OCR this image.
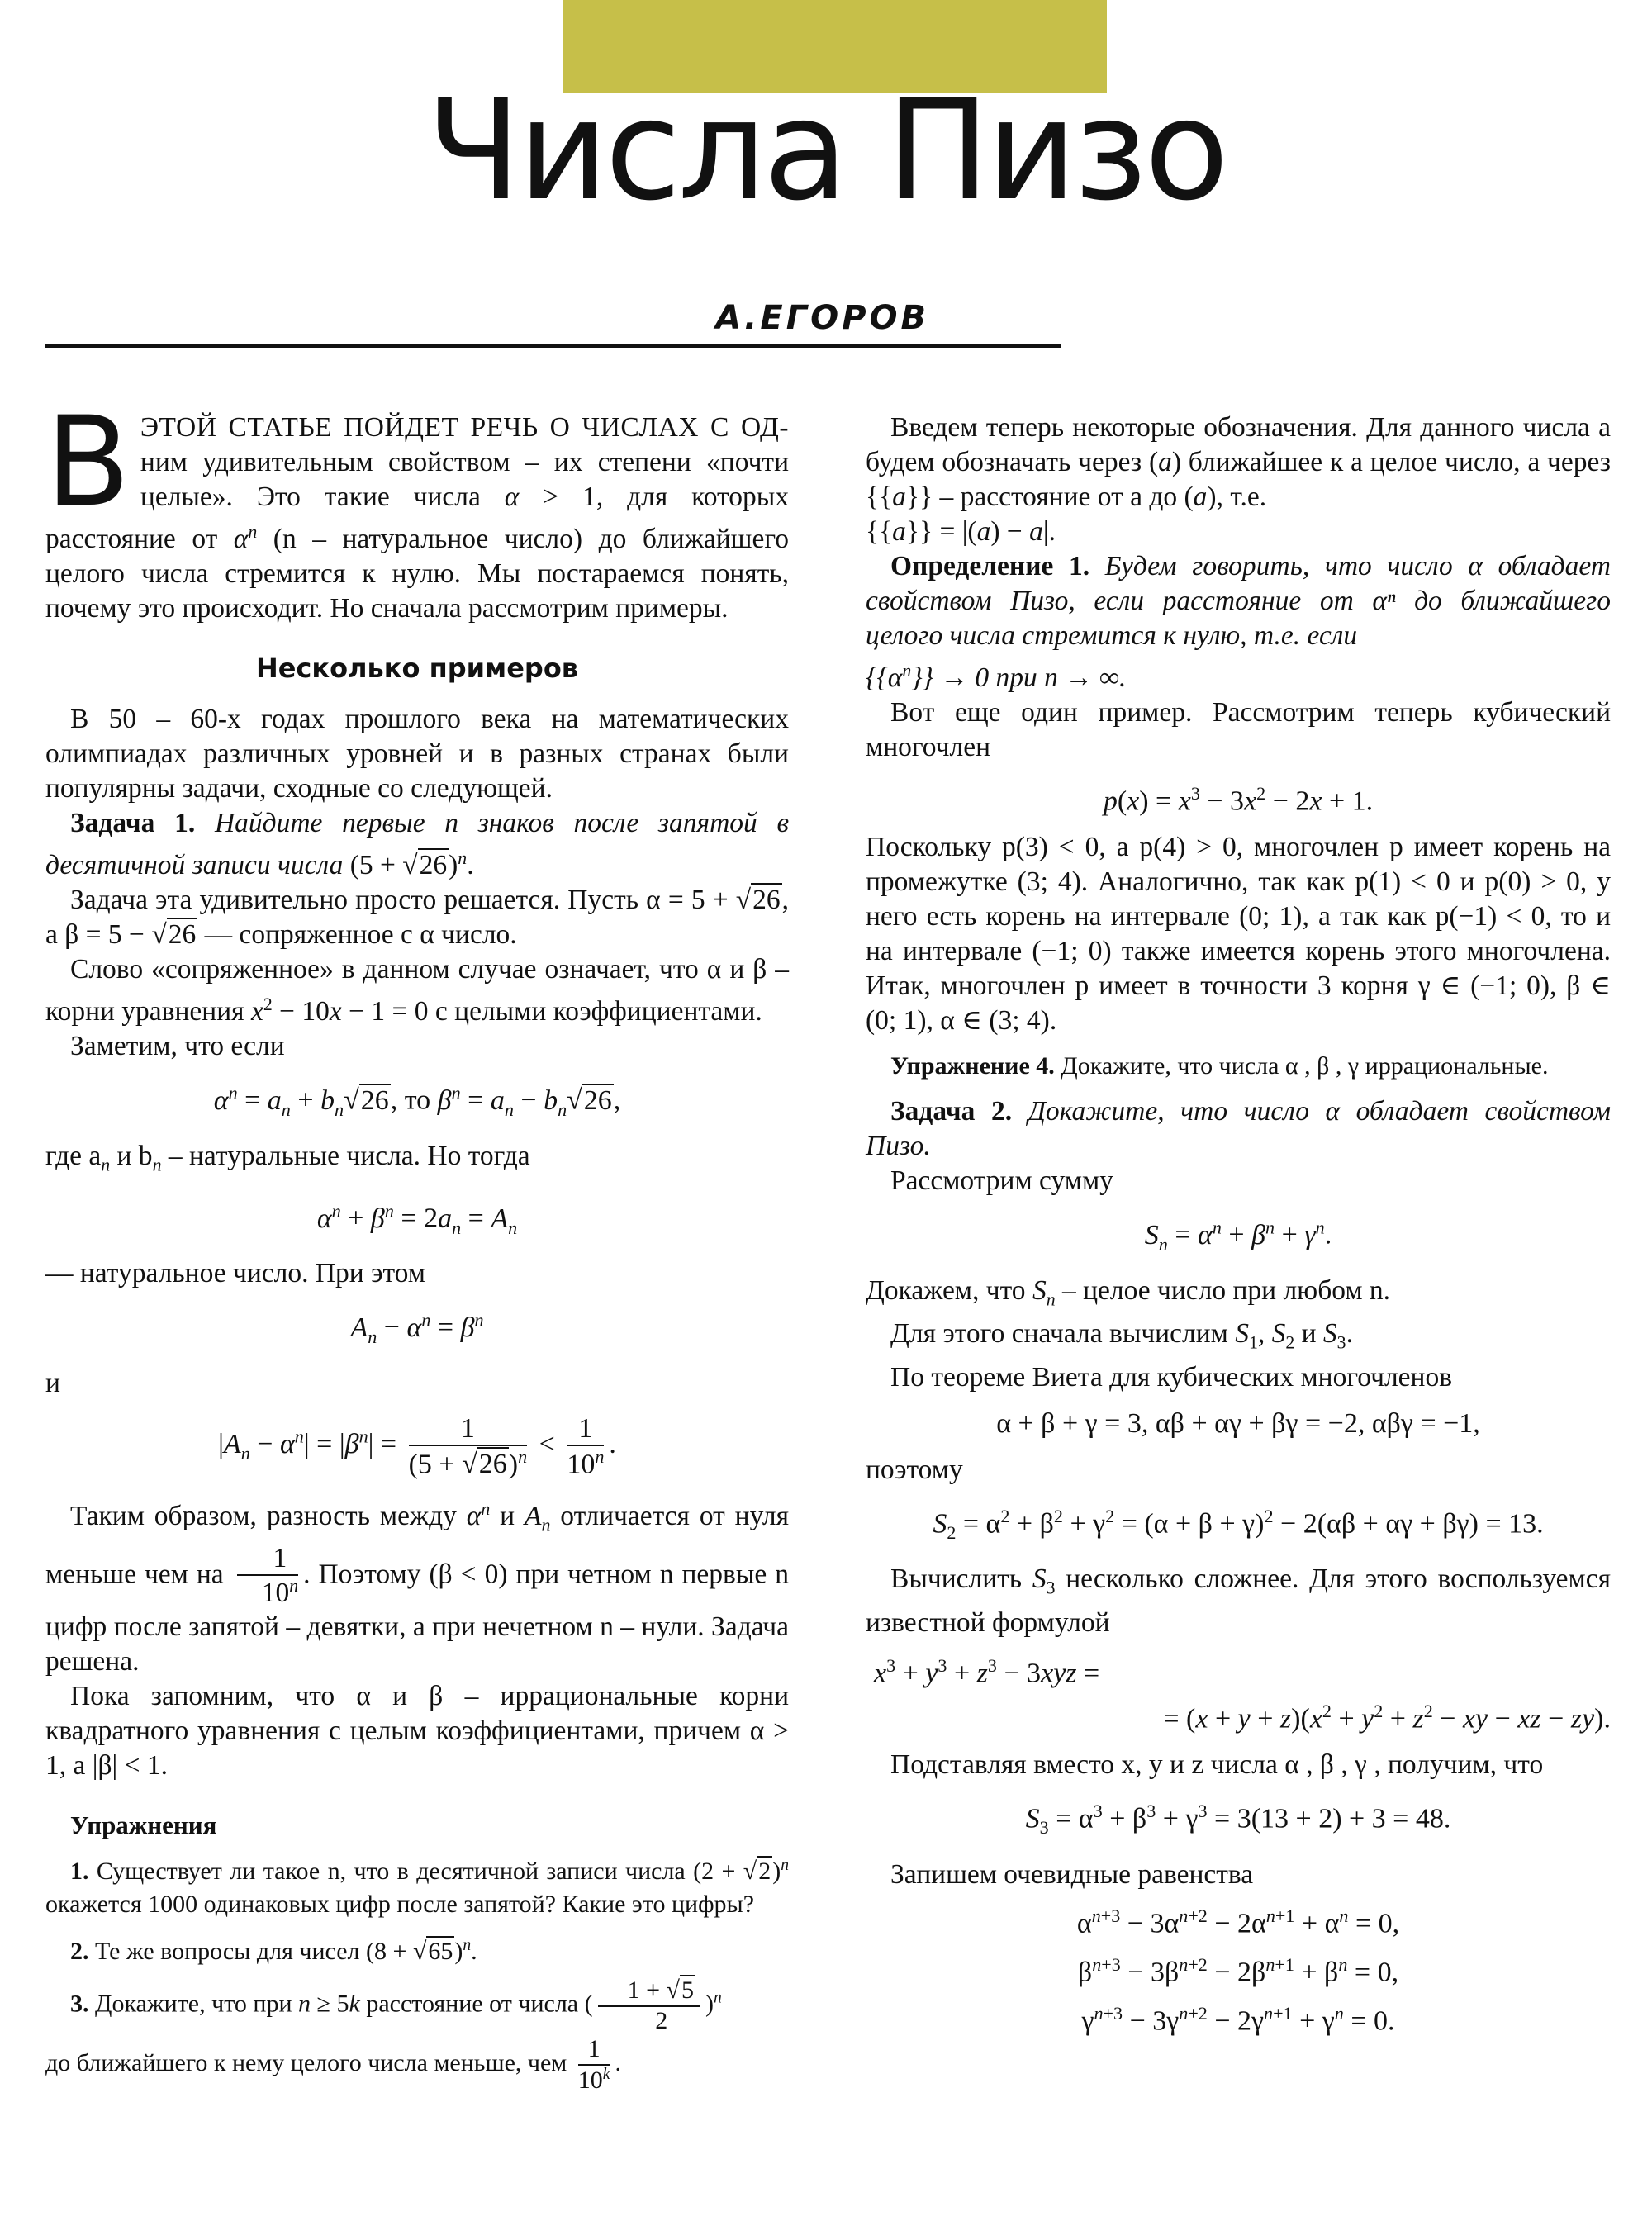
Числа Пизо
А.ЕГОРОВ

В ЭТОЙ СТАТЬЕ ПОЙДЕТ РЕЧЬ О ЧИСЛАХ С ОД- ним удивительным свойством – их степени «почти целые». Это такие числа α > 1, для которых расстояние от $\alpha^n$ (n – натуральное число) до ближайшего целого числа стремится к нулю. Мы постараемся понять, почему это происходит. Но сначала рассмотрим примеры.

Несколько примеров

В 50 – 60-х годах прошлого века на математических олимпиадах различных уровней и в разных странах были популярны задачи, сходные со следующей.

Задача 1. Найдите первые n знаков после запятой в десятичной записи числа $(5 + √26)^n$.

Задача эта удивительно просто решается. Пусть α = 5 + √26, а β = 5 − √26 — сопряженное с α число.

Слово «сопряженное» в данном случае означает, что α и β – корни уравнения $x^2 - 10x - 1 = 0$ с целыми коэффициентами.

Заметим, что если

$\alpha^n = a_n + b_n√26$, то $\beta^n = a_n - b_n√26$,

где $a_n$ и $b_n$ – натуральные числа. Но тогда

$\alpha^n + \beta^n = 2a_n = A_n$

— натуральное число. При этом

$A_n - \alpha^n = \beta^n$

и

$|A_n - \alpha^n| = |\beta^n| = \frac{1}{(5 + √26)^n} < \frac{1}{10^n}$ .

Таким образом, разность между $\alpha^n$ и $A_n$ отличается от нуля меньше чем на $\frac{1}{10^n}$ . Поэтому (β < 0) при четном n первые n цифр после запятой – девятки, а при нечетном n – нули. Задача решена.

Пока запомним, что α и β – иррациональные корни квадратного уравнения с целым коэффициентами, причем α > 1, а |β| < 1.

Упражнения

1. Существует ли такое n, что в десятичной записи числа $(2 + √2)^n$ окажется 1000 одинаковых цифр после запятой? Какие это цифры?

2. Те же вопросы для чисел $(8 + √65)^n$.

3. Докажите, что при n ≥ 5k расстояние от числа ( $\frac{1 + √5}{2} )^n$

до ближайшего к нему целого числа меньше, чем $\frac{1}{10^k}$ .

Введем теперь некоторые обозначения. Для данного числа a будем обозначать через (a) ближайшее к a целое число, а через {{a}} – расстояние от a до (a), т.е.

{{a}} = |(a) − a|.

Определение 1. Будем говорить, что число α обладает свойством Пизо, если расстояние от αⁿ до ближайшего целого числа стремится к нулю, т.е. если

$\{\{\alpha^n\}\} \to 0$ при n → ∞.

Вот еще один пример. Рассмотрим теперь кубический многочлен

$p(x) = x^3 - 3x^2 - 2x + 1$.

Поскольку p(3) < 0, а p(4) > 0, многочлен p имеет корень на промежутке (3; 4). Аналогично, так как p(1) < 0 и p(0) > 0, у него есть корень на интервале (0; 1), а так как p(−1) < 0, то и на интервале (−1; 0) также имеется корень этого многочлена. Итак, многочлен p имеет в точности 3 корня γ ∈ (−1; 0), β ∈ (0; 1), α ∈ (3; 4).

Упражнение 4. Докажите, что числа α , β , γ иррациональные.

Задача 2. Докажите, что число α обладает свойством Пизо.

Рассмотрим сумму

$S_n = \alpha^n + \beta^n + \gamma^n$.

Докажем, что $S_n$ – целое число при любом n.

Для этого сначала вычислим $S_1$, $S_2$ и $S_3$.

По теореме Виета для кубических многочленов

α + β + γ = 3, αβ + αγ + βγ = −2, αβγ = −1,

поэтому

$S_2 = \alpha^2 + \beta^2 + \gamma^2 = (\alpha + \beta + \gamma)^2 - 2(\alpha\beta + \alpha\gamma + \beta\gamma) = 13$.

Вычислить $S_3$ несколько сложнее. Для этого воспользуемся известной формулой

$x^3 + y^3 + z^3 - 3xyz$ =
= $(x + y + z)(x^2 + y^2 + z^2$ − xy − xz − zy).

Подставляя вместо x, y и z числа α , β , γ , получим, что

$S_3 = \alpha^3 + \beta^3 + \gamma^3 = 3(13 + 2) + 3 = 48$.

Запишем очевидные равенства

$\alpha^{n+3} - 3\alpha^{n+2} - 2\alpha^{n+1} + \alpha^n = 0$,
$\beta^{n+3} - 3\beta^{n+2} - 2\beta^{n+1} + \beta^n = 0$,
$\gamma^{n+3} - 3\gamma^{n+2} - 2\gamma^{n+1} + \gamma^n = 0$.
